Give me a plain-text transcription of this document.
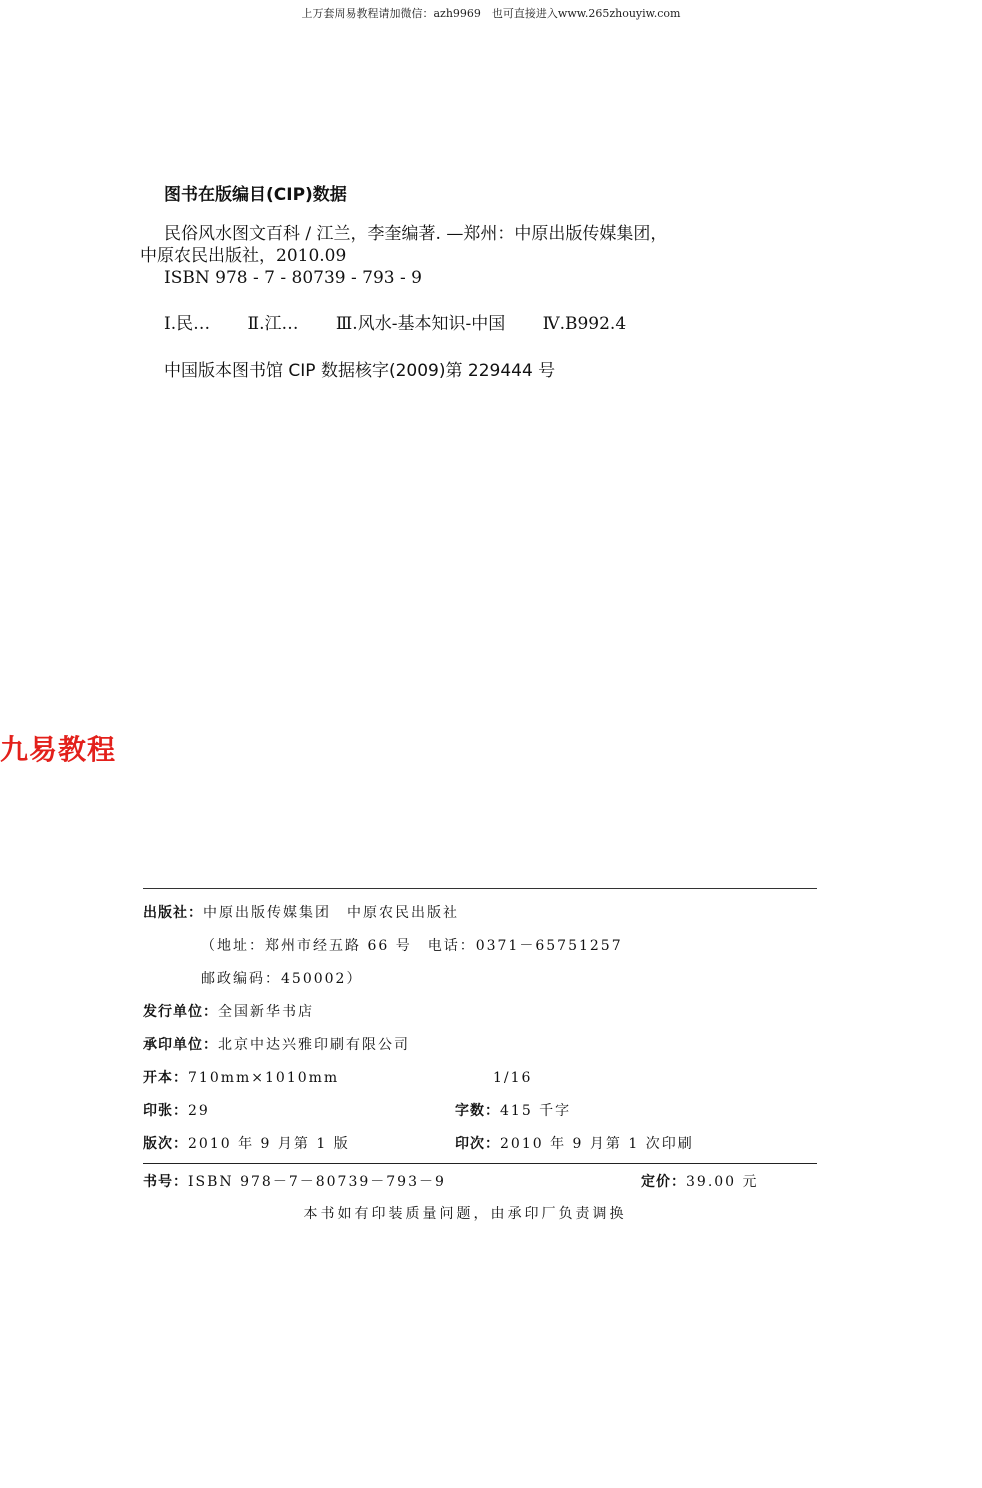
上万套周易教程请加微信：azh9969　也可直接进入www.265zhouyiw.com
图书在版编目(CIP)数据
民俗风水图文百科 / 江兰，李奎编著. —郑州：中原出版传媒集团，
中原农民出版社，2010.09
ISBN 978 - 7 - 80739 - 793 - 9
Ⅰ.民… Ⅱ.江… Ⅲ.风水-基本知识-中国 Ⅳ.B992.4
中国版本图书馆 CIP 数据核字(2009)第 229444 号
九易教程
出版社：中原出版传媒集团　中原农民出版社
（地址：郑州市经五路 66 号　电话：0371－65751257
邮政编码：450002）
发行单位：全国新华书店
承印单位：北京中达兴雅印刷有限公司
开本：710mm×1010mm	1/16
印张：29	字数：415 千字
版次：2010 年 9 月第 1 版	印次：2010 年 9 月第 1 次印刷
书号：ISBN 978－7－80739－793－9	定价：39.00 元
本书如有印装质量问题，由承印厂负责调换
